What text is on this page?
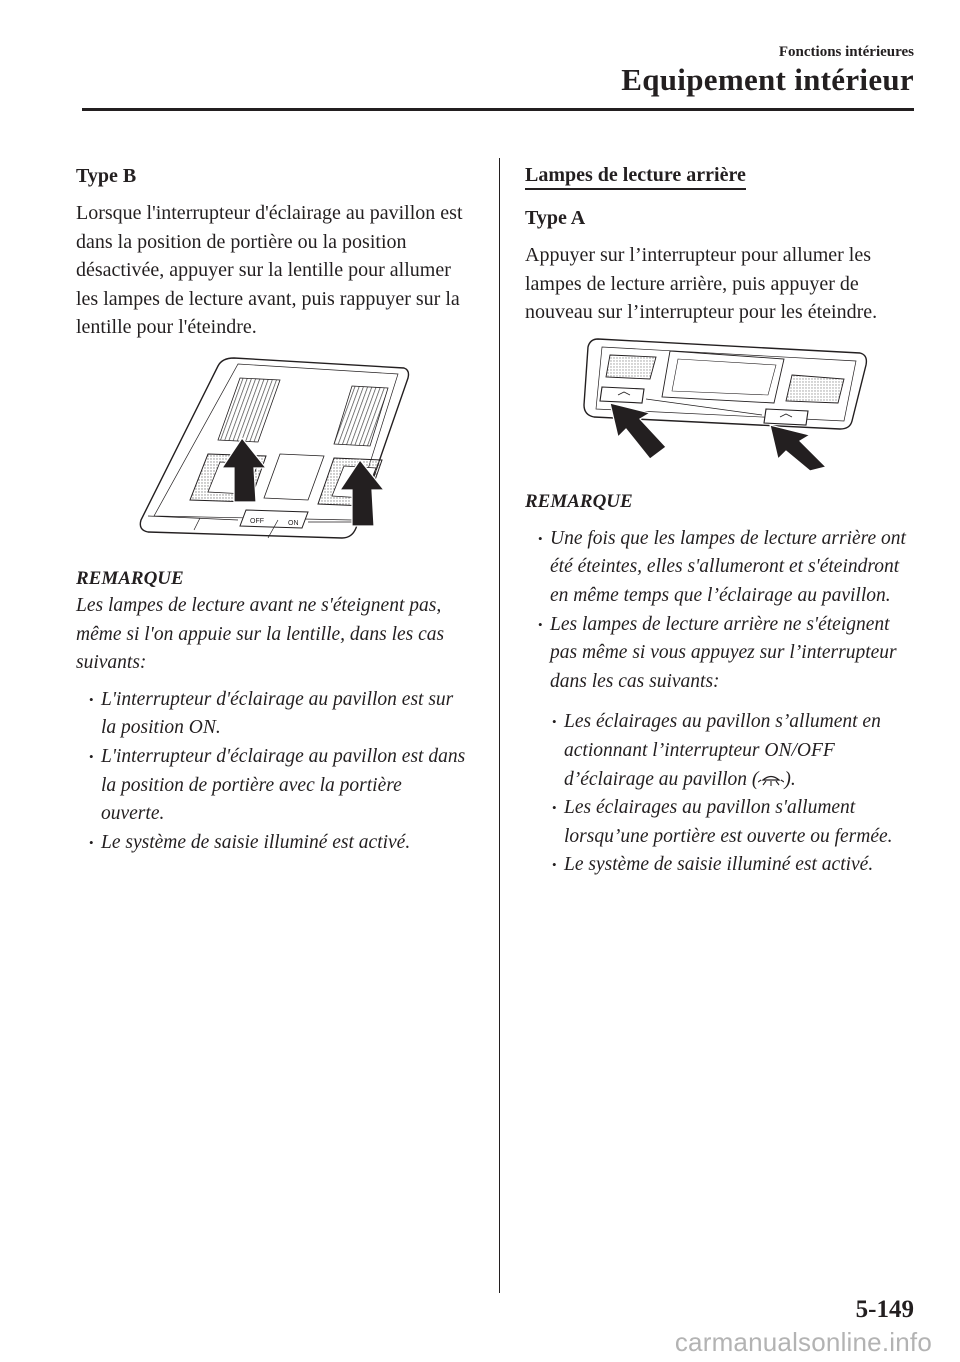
Fonctions intérieures
Equipement intérieur
Type B

Lorsque l'interrupteur d'éclairage au pavillon est dans la position de portière ou la position désactivée, appuyer sur la lentille pour allumer les lampes de lecture avant, puis rappuyer sur la lentille pour l'éteindre.

OFF	ON
REMARQUE

Les lampes de lecture avant ne s'éteignent pas, même si l'on appuie sur la lentille, dans les cas suivants:

• L'interrupteur d'éclairage au pavillon est sur la position ON.
• L'interrupteur d'éclairage au pavillon est dans la position de portière avec la portière ouverte.
• Le système de saisie illuminé est activé.
Lampes de lecture arrière
Type A

Appuyer sur l’interrupteur pour allumer les lampes de lecture arrière, puis appuyer de nouveau sur l’interrupteur pour les éteindre.

REMARQUE
• Une fois que les lampes de lecture arrière ont été éteintes, elles s'allumeront et s'éteindront en même temps que l’éclairage au pavillon.
• Les lampes de lecture arrière ne s'éteignent pas même si vous appuyez sur l’interrupteur dans les cas suivants:
• Les éclairages au pavillon s’allument en actionnant l’interrupteur ON/OFF d’éclairage au pavillon ( ).
• Les éclairages au pavillon s'allument lorsqu’une portière est ouverte ou fermée.
• Le système de saisie illuminé est activé.
5-149
carmanualsonline.info
